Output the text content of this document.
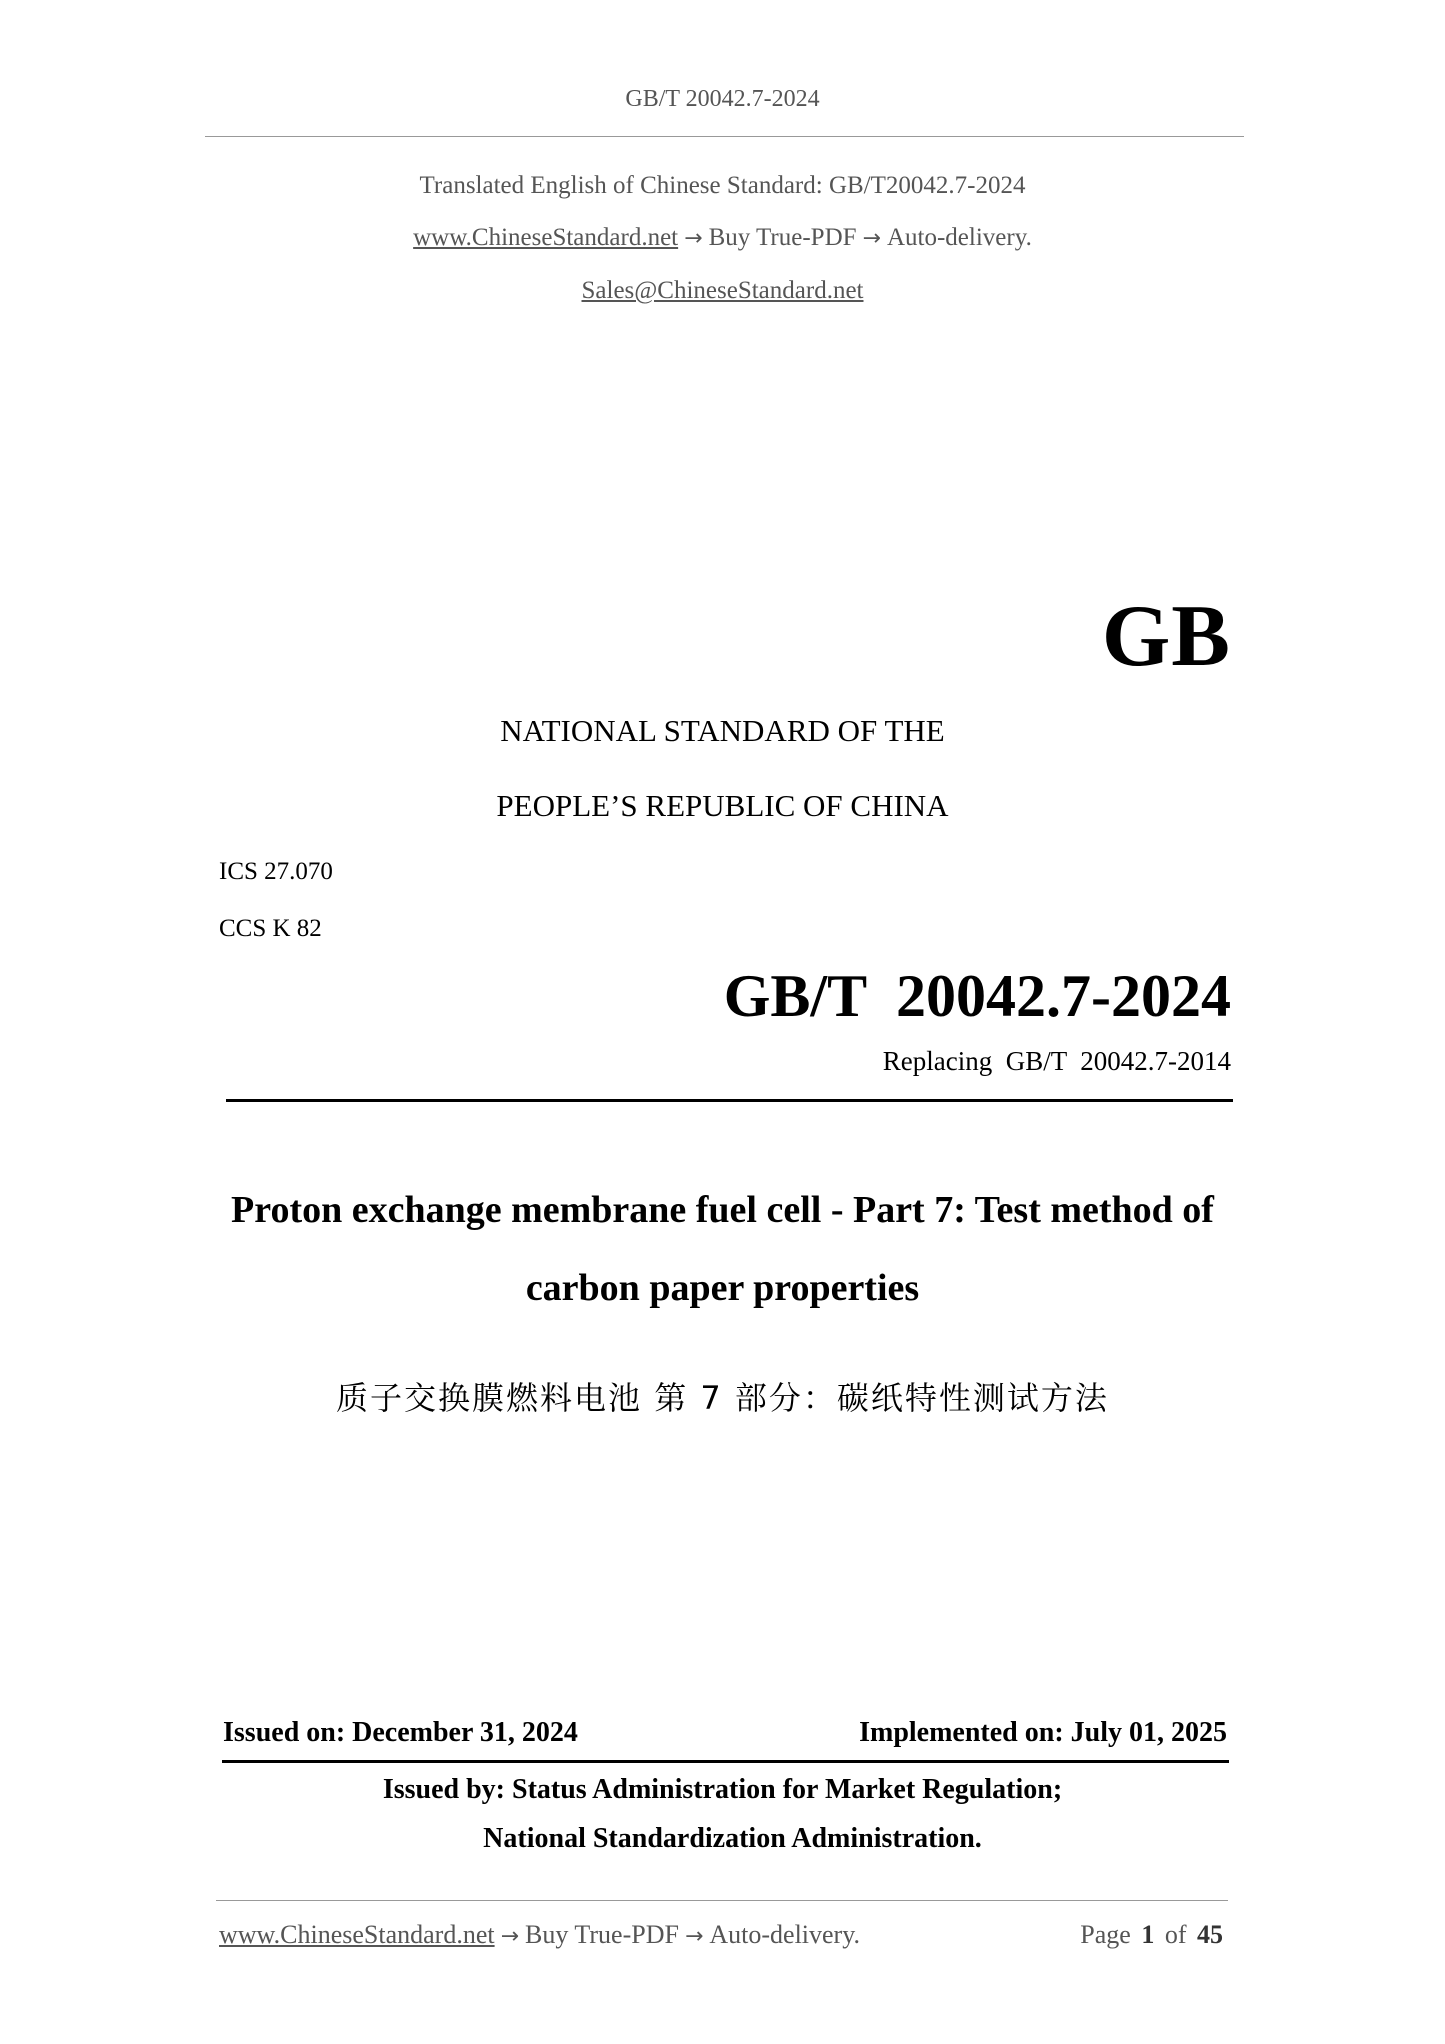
GB/T 20042.7-2024
Translated English of Chinese Standard: GB/T20042.7-2024
www.ChineseStandard.net → Buy True-PDF → Auto-delivery.
Sales@ChineseStandard.net
GB
NATIONAL STANDARD OF THE
PEOPLE’S REPUBLIC OF CHINA
ICS 27.070
CCS K 82
GB/T  20042.7-2024
Replacing  GB/T  20042.7-2014
Proton exchange membrane fuel cell - Part 7: Test method of
carbon paper properties
质子交换膜燃料电池 第 7 部分：碳纸特性测试方法
Issued on: December 31, 2024	Implemented on: July 01, 2025
Issued by: Status Administration for Market Regulation;
National Standardization Administration.
www.ChineseStandard.net → Buy True-PDF → Auto-delivery.	Page 1 of 45
